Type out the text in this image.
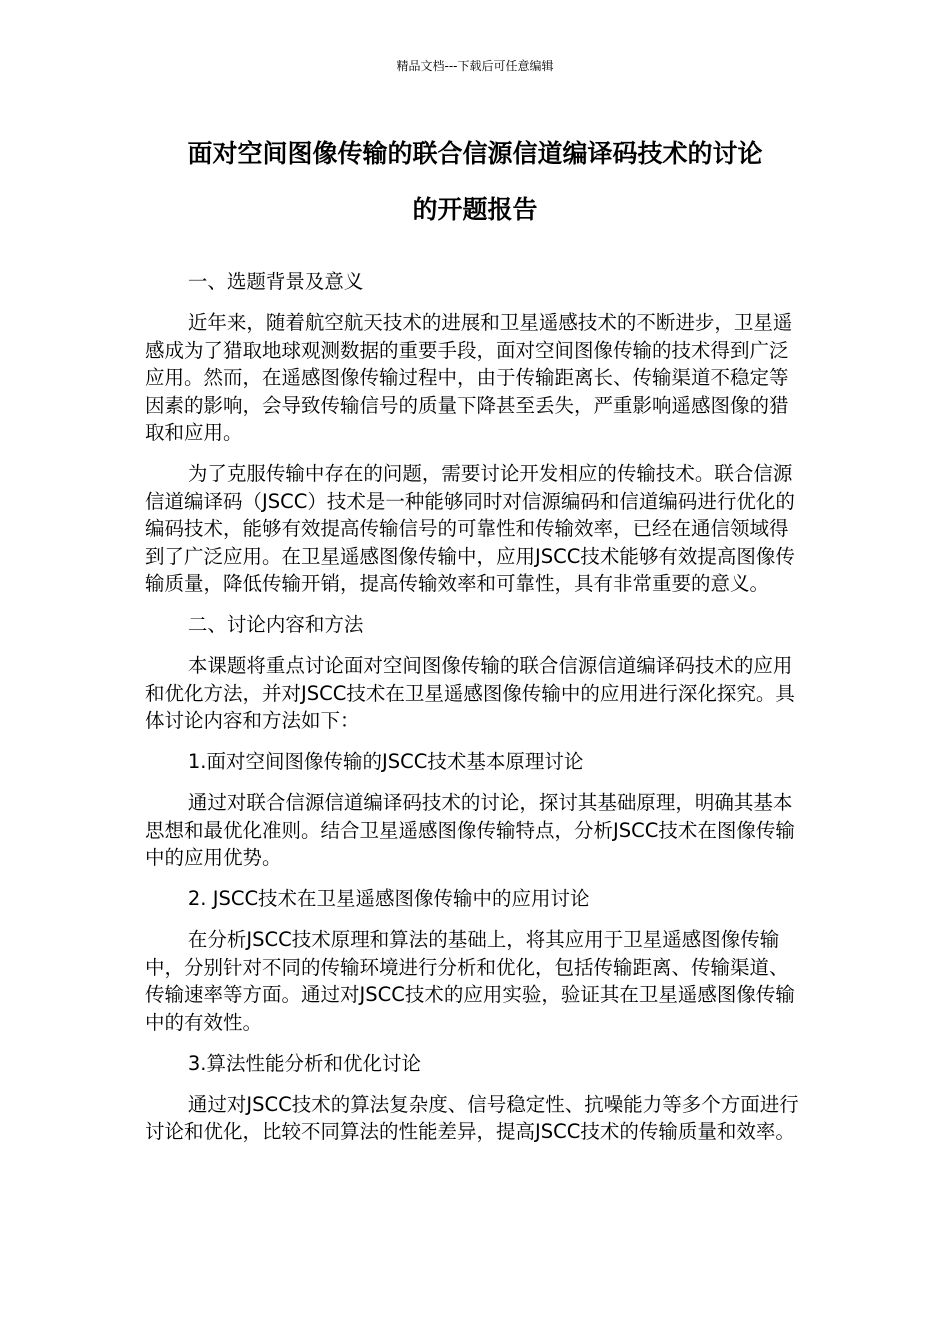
精品文档---下载后可任意编辑
面对空间图像传输的联合信源信道编译码技术的讨论
的开题报告

一、选题背景及意义

近年来，随着航空航天技术的进展和卫星遥感技术的不断进步，卫星遥感成为了猎取地球观测数据的重要手段，面对空间图像传输的技术得到广泛应用。然而，在遥感图像传输过程中，由于传输距离长、传输渠道不稳定等因素的影响，会导致传输信号的质量下降甚至丢失，严重影响遥感图像的猎取和应用。

为了克服传输中存在的问题，需要讨论开发相应的传输技术。联合信源信道编译码（JSCC）技术是一种能够同时对信源编码和信道编码进行优化的编码技术，能够有效提高传输信号的可靠性和传输效率，已经在通信领域得到了广泛应用。在卫星遥感图像传输中，应用JSCC技术能够有效提高图像传输质量，降低传输开销，提高传输效率和可靠性，具有非常重要的意义。

二、讨论内容和方法

本课题将重点讨论面对空间图像传输的联合信源信道编译码技术的应用和优化方法，并对JSCC技术在卫星遥感图像传输中的应用进行深化探究。具体讨论内容和方法如下：

1.面对空间图像传输的JSCC技术基本原理讨论

通过对联合信源信道编译码技术的讨论，探讨其基础原理，明确其基本思想和最优化准则。结合卫星遥感图像传输特点，分析JSCC技术在图像传输中的应用优势。

2. JSCC技术在卫星遥感图像传输中的应用讨论

在分析JSCC技术原理和算法的基础上，将其应用于卫星遥感图像传输中，分别针对不同的传输环境进行分析和优化，包括传输距离、传输渠道、传输速率等方面。通过对JSCC技术的应用实验，验证其在卫星遥感图像传输中的有效性。

3.算法性能分析和优化讨论

通过对JSCC技术的算法复杂度、信号稳定性、抗噪能力等多个方面进行讨论和优化，比较不同算法的性能差异，提高JSCC技术的传输质量和效率。
